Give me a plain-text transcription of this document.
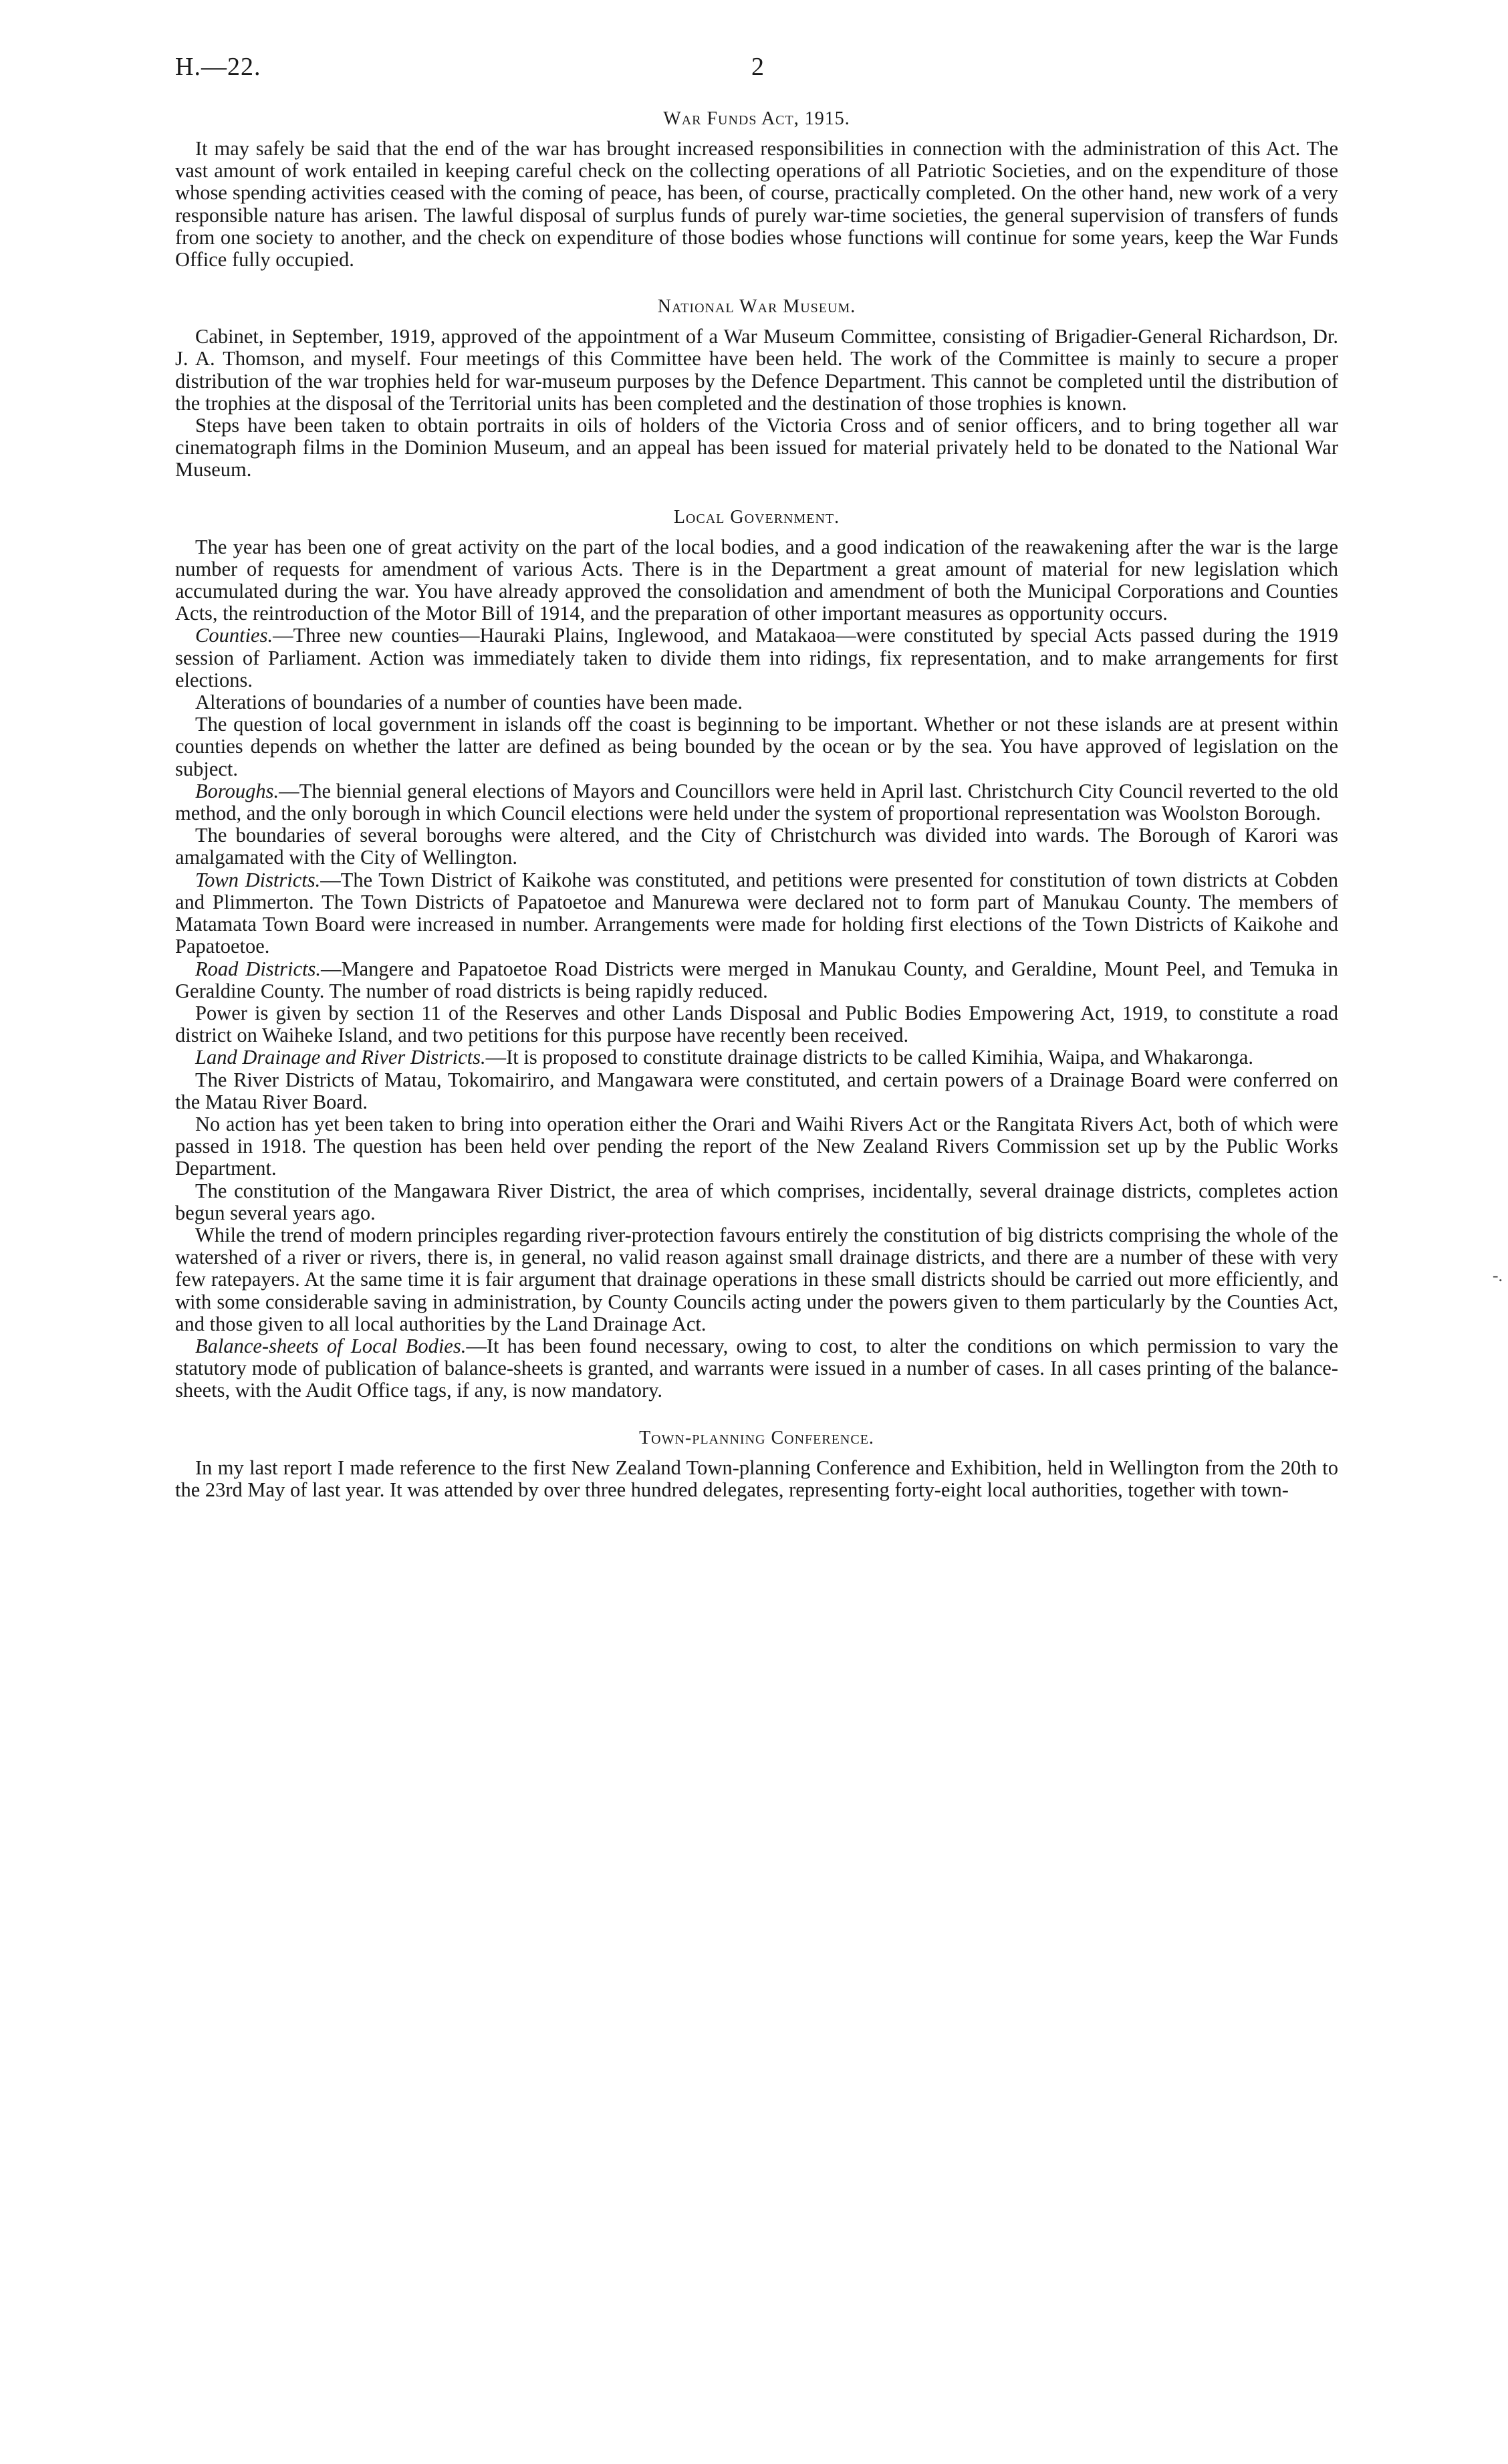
H.—22.	2
-.
War Funds Act, 1915.

It may safely be said that the end of the war has brought increased responsibilities in connection with the administration of this Act. The vast amount of work entailed in keeping careful check on the collecting operations of all Patriotic Societies, and on the expenditure of those whose spending activities ceased with the coming of peace, has been, of course, practically completed. On the other hand, new work of a very responsible nature has arisen. The lawful disposal of surplus funds of purely war-time societies, the general supervision of transfers of funds from one society to another, and the check on expenditure of those bodies whose functions will continue for some years, keep the War Funds Office fully occupied.

National War Museum.

Cabinet, in September, 1919, approved of the appointment of a War Museum Committee, consisting of Brigadier-General Richardson, Dr. J. A. Thomson, and myself. Four meetings of this Committee have been held. The work of the Committee is mainly to secure a proper distribution of the war trophies held for war-museum purposes by the Defence Department. This cannot be completed until the distribution of the trophies at the disposal of the Territorial units has been completed and the destination of those trophies is known.

Steps have been taken to obtain portraits in oils of holders of the Victoria Cross and of senior officers, and to bring together all war cinematograph films in the Dominion Museum, and an appeal has been issued for material privately held to be donated to the National War Museum.

Local Government.

The year has been one of great activity on the part of the local bodies, and a good indication of the reawakening after the war is the large number of requests for amendment of various Acts. There is in the Department a great amount of material for new legislation which accumulated during the war. You have already approved the consolidation and amendment of both the Municipal Corporations and Counties Acts, the reintroduction of the Motor Bill of 1914, and the preparation of other important measures as opportunity occurs.

Counties.—Three new counties—Hauraki Plains, Inglewood, and Matakaoa—were constituted by special Acts passed during the 1919 session of Parliament. Action was immediately taken to divide them into ridings, fix representation, and to make arrangements for first elections.

Alterations of boundaries of a number of counties have been made.

The question of local government in islands off the coast is beginning to be important. Whether or not these islands are at present within counties depends on whether the latter are defined as being bounded by the ocean or by the sea. You have approved of legislation on the subject.

Boroughs.—The biennial general elections of Mayors and Councillors were held in April last. Christchurch City Council reverted to the old method, and the only borough in which Council elections were held under the system of proportional representation was Woolston Borough.

The boundaries of several boroughs were altered, and the City of Christchurch was divided into wards. The Borough of Karori was amalgamated with the City of Wellington.

Town Districts.—The Town District of Kaikohe was constituted, and petitions were presented for constitution of town districts at Cobden and Plimmerton. The Town Districts of Papatoetoe and Manurewa were declared not to form part of Manukau County. The members of Matamata Town Board were increased in number. Arrangements were made for holding first elections of the Town Districts of Kaikohe and Papatoetoe.

Road Districts.—Mangere and Papatoetoe Road Districts were merged in Manukau County, and Geraldine, Mount Peel, and Temuka in Geraldine County. The number of road districts is being rapidly reduced.

Power is given by section 11 of the Reserves and other Lands Disposal and Public Bodies Empowering Act, 1919, to constitute a road district on Waiheke Island, and two petitions for this purpose have recently been received.

Land Drainage and River Districts.—It is proposed to constitute drainage districts to be called Kimihia, Waipa, and Whakaronga.

The River Districts of Matau, Tokomairiro, and Mangawara were constituted, and certain powers of a Drainage Board were conferred on the Matau River Board.

No action has yet been taken to bring into operation either the Orari and Waihi Rivers Act or the Rangitata Rivers Act, both of which were passed in 1918. The question has been held over pending the report of the New Zealand Rivers Commission set up by the Public Works Department.

The constitution of the Mangawara River District, the area of which comprises, incidentally, several drainage districts, completes action begun several years ago.

While the trend of modern principles regarding river-protection favours entirely the constitution of big districts comprising the whole of the watershed of a river or rivers, there is, in general, no valid reason against small drainage districts, and there are a number of these with very few ratepayers. At the same time it is fair argument that drainage operations in these small districts should be carried out more efficiently, and with some considerable saving in administration, by County Councils acting under the powers given to them particularly by the Counties Act, and those given to all local authorities by the Land Drainage Act.

Balance-sheets of Local Bodies.—It has been found necessary, owing to cost, to alter the conditions on which permission to vary the statutory mode of publication of balance-sheets is granted, and warrants were issued in a number of cases. In all cases printing of the balance-sheets, with the Audit Office tags, if any, is now mandatory.

Town-planning Conference.

In my last report I made reference to the first New Zealand Town-planning Conference and Exhibition, held in Wellington from the 20th to the 23rd May of last year. It was attended by over three hundred delegates, representing forty-eight local authorities, together with town-
